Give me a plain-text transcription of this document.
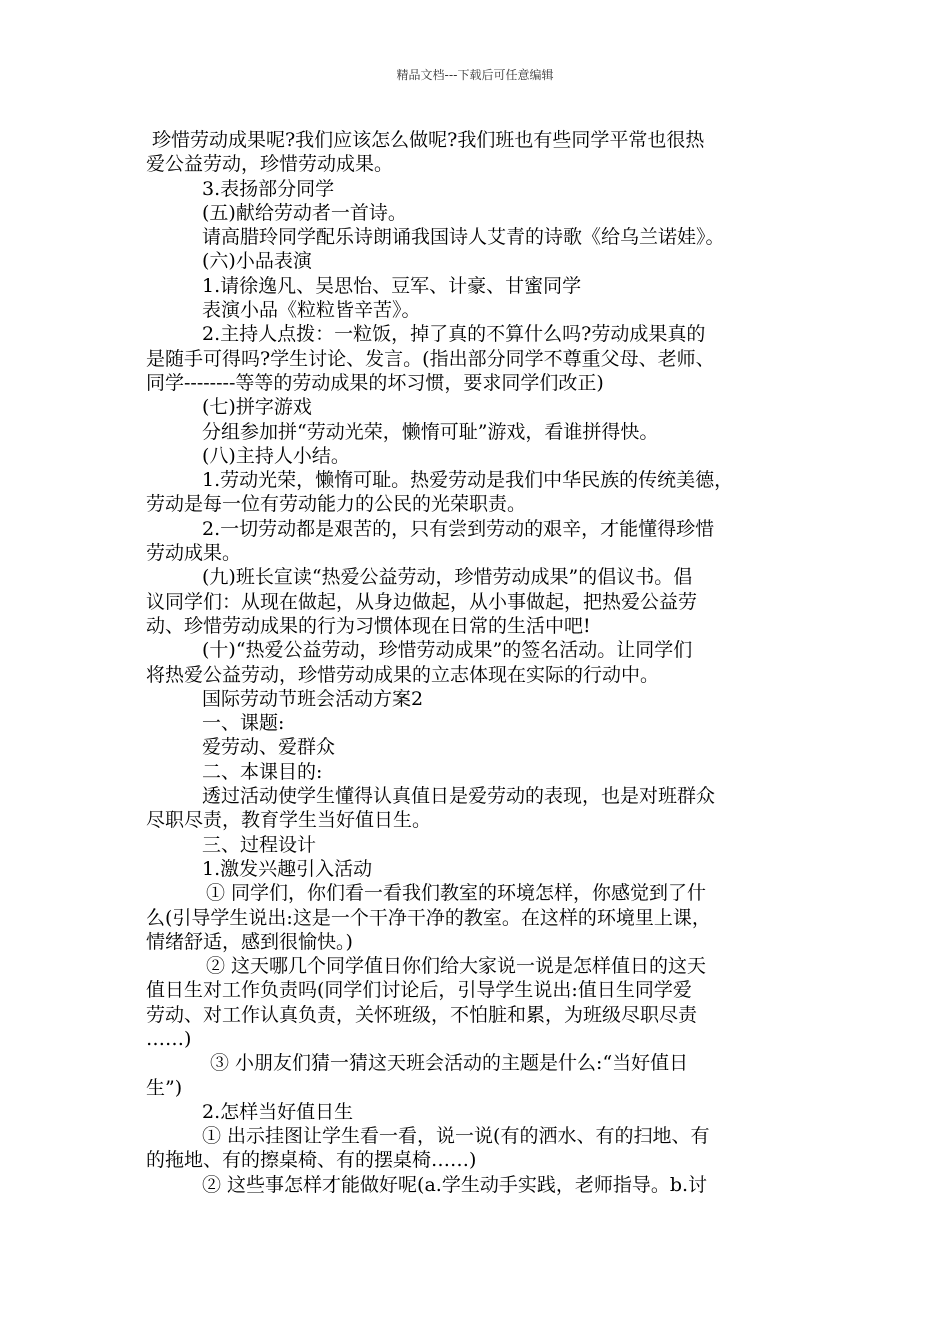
精品文档---下载后可任意编辑
珍惜劳动成果呢?我们应该怎么做呢?我们班也有些同学平常也很热
爱公益劳动，珍惜劳动成果。
3.表扬部分同学
(五)献给劳动者一首诗。
请高腊玲同学配乐诗朗诵我国诗人艾青的诗歌《给乌兰诺娃》。
(六)小品表演
1.请徐逸凡、吴思怡、豆军、计豪、甘蜜同学
表演小品《粒粒皆辛苦》。
2.主持人点拨：一粒饭，掉了真的不算什么吗?劳动成果真的
是随手可得吗?学生讨论、发言。(指出部分同学不尊重父母、老师、
同学--------等等的劳动成果的坏习惯，要求同学们改正)
(七)拼字游戏
分组参加拼“劳动光荣，懒惰可耻”游戏，看谁拼得快。
(八)主持人小结。
1.劳动光荣，懒惰可耻。热爱劳动是我们中华民族的传统美德，
劳动是每一位有劳动能力的公民的光荣职责。
2.一切劳动都是艰苦的，只有尝到劳动的艰辛，才能懂得珍惜
劳动成果。
(九)班长宣读“热爱公益劳动，珍惜劳动成果”的倡议书。倡
议同学们：从现在做起，从身边做起，从小事做起，把热爱公益劳
动、珍惜劳动成果的行为习惯体现在日常的生活中吧!
(十)“热爱公益劳动，珍惜劳动成果”的签名活动。让同学们
将热爱公益劳动，珍惜劳动成果的立志体现在实际的行动中。
国际劳动节班会活动方案2
一、课题:
爱劳动、爱群众
二、本课目的:
透过活动使学生懂得认真值日是爱劳动的表现，也是对班群众
尽职尽责，教育学生当好值日生。
三、过程设计
1.激发兴趣引入活动
① 同学们，你们看一看我们教室的环境怎样，你感觉到了什
么(引导学生说出:这是一个干净干净的教室。在这样的环境里上课，
情绪舒适，感到很愉快。)
② 这天哪几个同学值日你们给大家说一说是怎样值日的这天
值日生对工作负责吗(同学们讨论后，引导学生说出:值日生同学爱
劳动、对工作认真负责，关怀班级，不怕脏和累，为班级尽职尽责
……)
③ 小朋友们猜一猜这天班会活动的主题是什么:“当好值日
生”)
2.怎样当好值日生
① 出示挂图让学生看一看，说一说(有的洒水、有的扫地、有
的拖地、有的擦桌椅、有的摆桌椅……)
② 这些事怎样才能做好呢(a.学生动手实践，老师指导。b.讨
